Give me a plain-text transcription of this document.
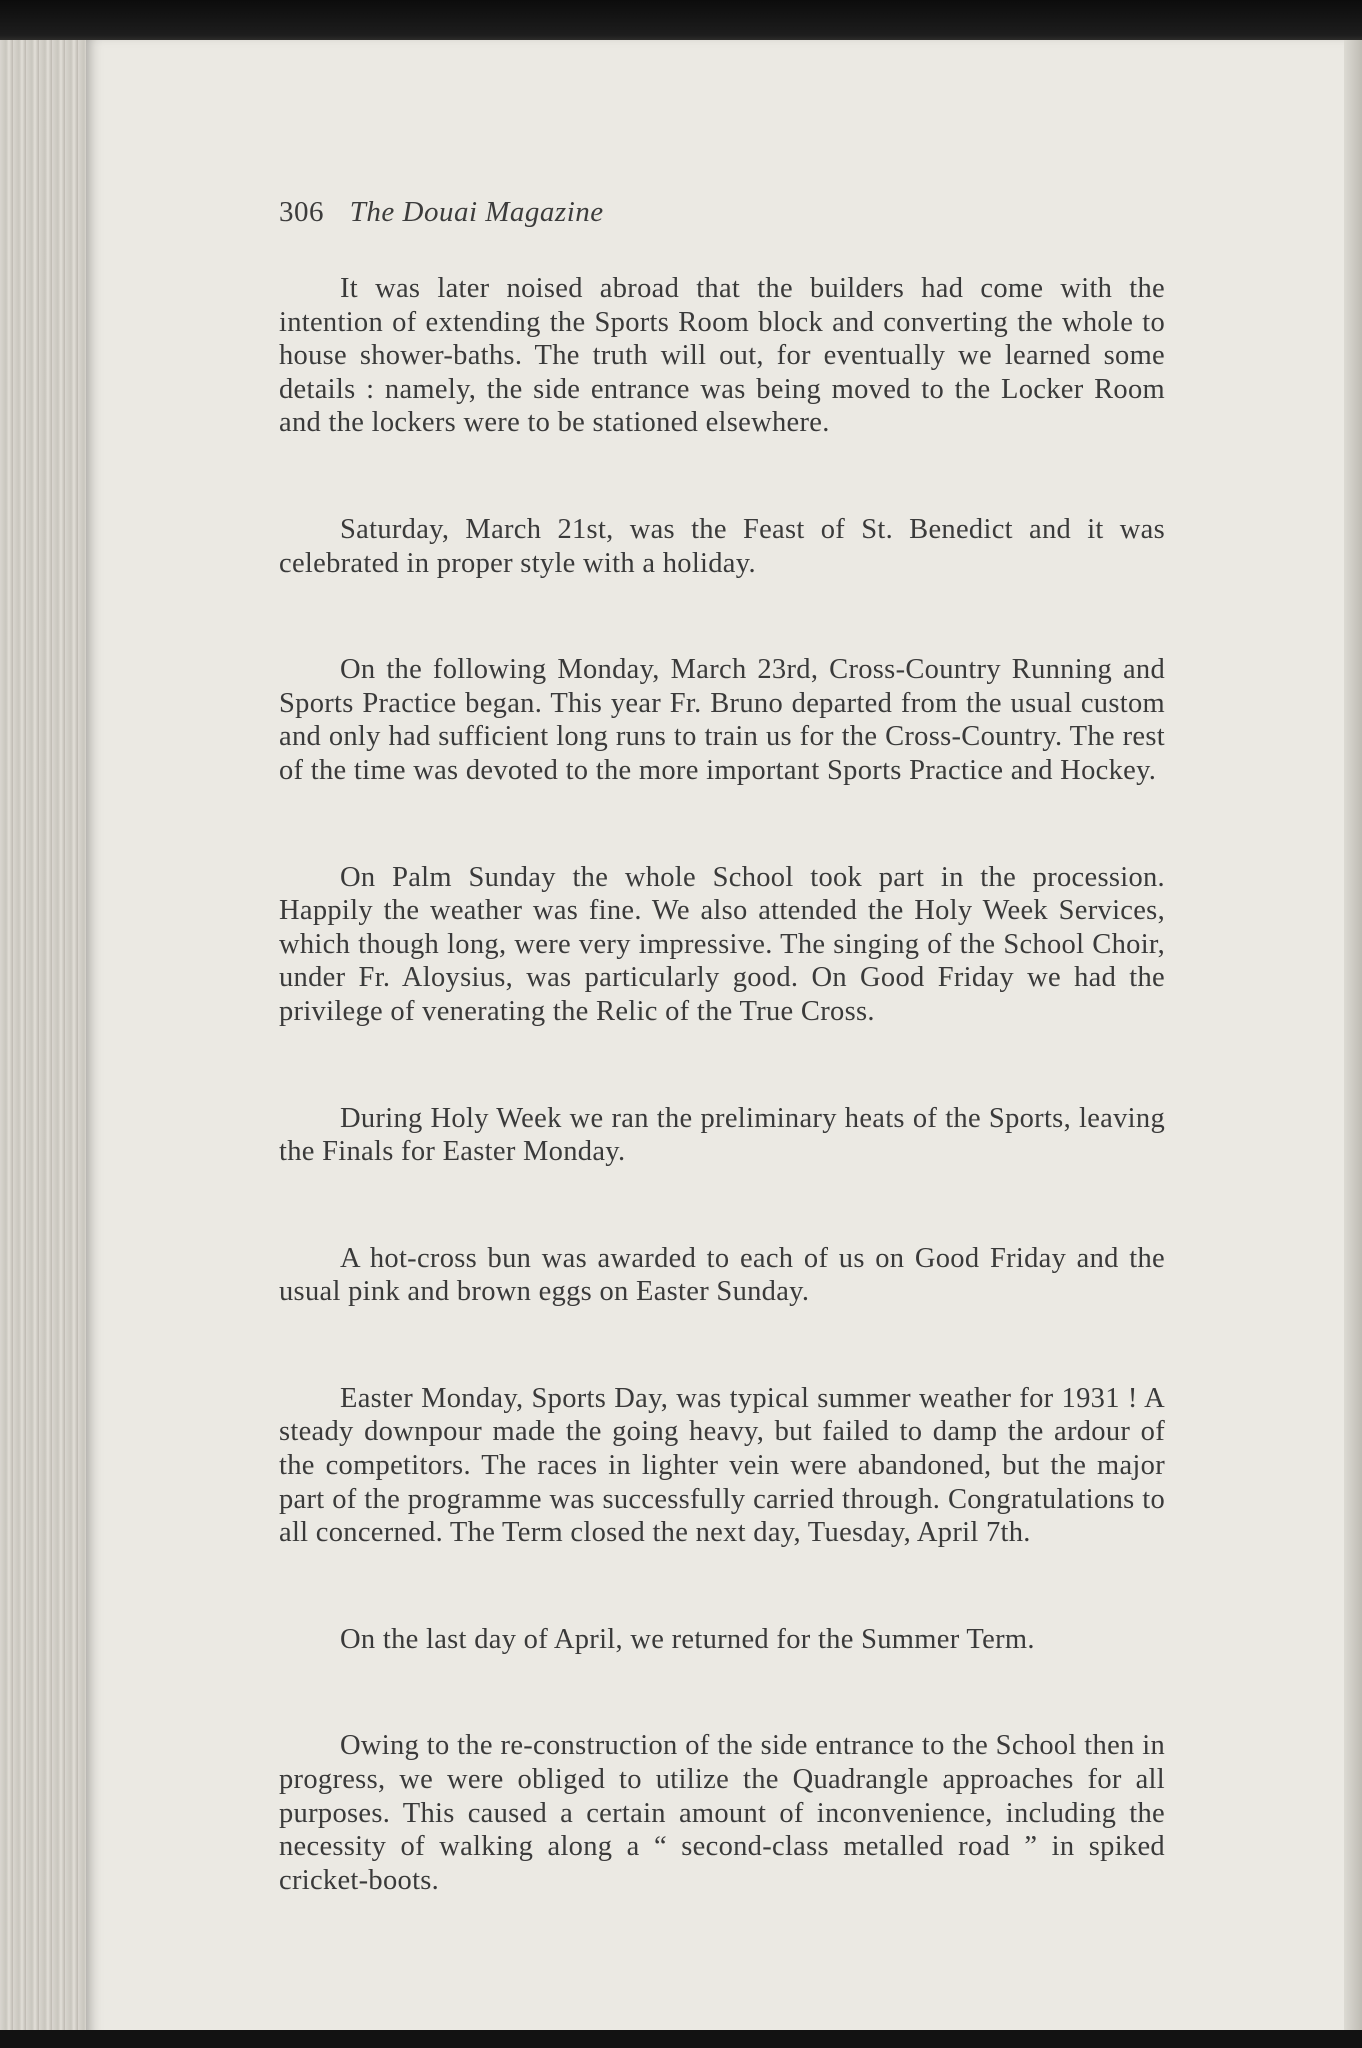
306 The Douai Magazine

It was later noised abroad that the builders had come with the intention of extending the Sports Room block and converting the whole to house shower-baths. The truth will out, for eventually we learned some details : namely, the side entrance was being moved to the Locker Room and the lockers were to be stationed elsewhere.

Saturday, March 21st, was the Feast of St. Benedict and it was celebrated in proper style with a holiday.

On the following Monday, March 23rd, Cross-Country Running and Sports Practice began. This year Fr. Bruno departed from the usual custom and only had sufficient long runs to train us for the Cross-Country. The rest of the time was devoted to the more important Sports Practice and Hockey.

On Palm Sunday the whole School took part in the procession. Happily the weather was fine. We also attended the Holy Week Services, which though long, were very impressive. The singing of the School Choir, under Fr. Aloysius, was particularly good. On Good Friday we had the privilege of venerating the Relic of the True Cross.

During Holy Week we ran the preliminary heats of the Sports, leaving the Finals for Easter Monday.

A hot-cross bun was awarded to each of us on Good Friday and the usual pink and brown eggs on Easter Sunday.

Easter Monday, Sports Day, was typical summer weather for 1931 ! A steady downpour made the going heavy, but failed to damp the ardour of the competitors. The races in lighter vein were abandoned, but the major part of the programme was successfully carried through. Congratulations to all concerned. The Term closed the next day, Tuesday, April 7th.

On the last day of April, we returned for the Summer Term.

Owing to the re-construction of the side entrance to the School then in progress, we were obliged to utilize the Quadrangle approaches for all purposes. This caused a certain amount of inconvenience, including the necessity of walking along a “ second-class metalled road ” in spiked cricket-boots.
